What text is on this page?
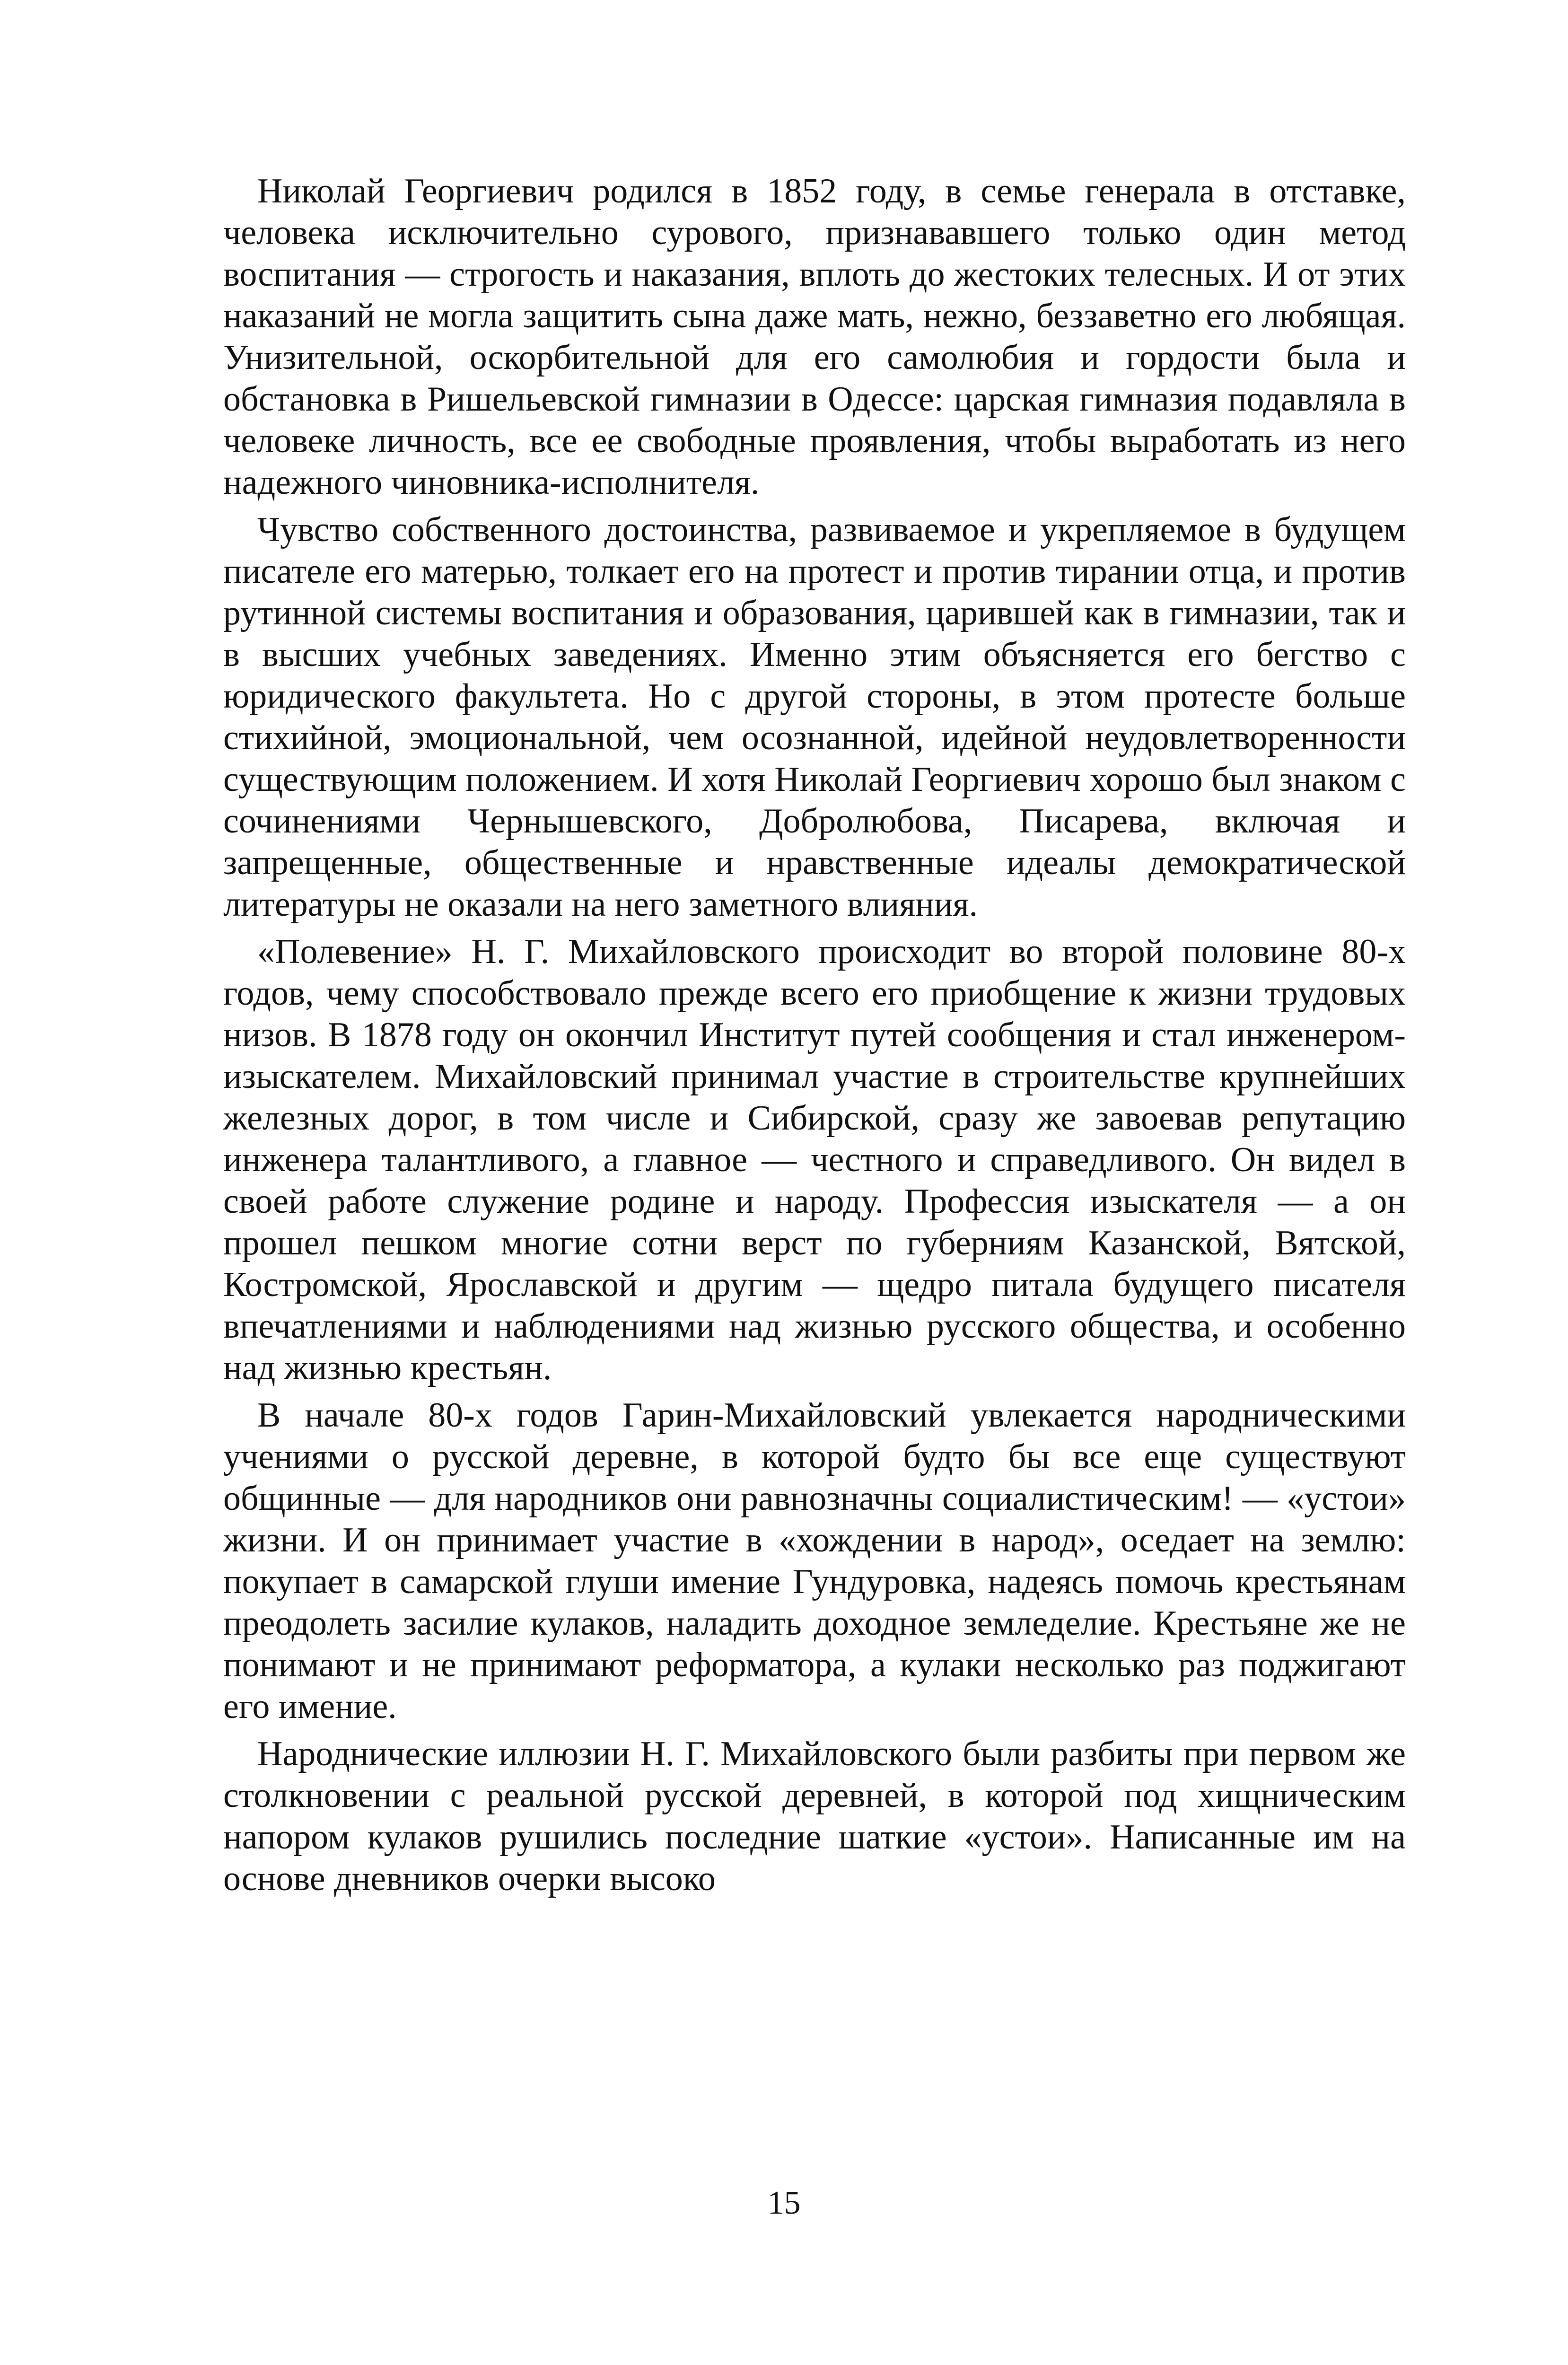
Николай Георгиевич родился в 1852 году, в семье генерала в отставке, человека исключительно сурового, признававшего только один метод воспитания — строгость и наказания, вплоть до жестоких телесных. И от этих наказаний не могла защитить сына даже мать, нежно, беззаветно его любящая. Унизительной, оскорбительной для его самолюбия и гордости была и обстановка в Ришельевской гимназии в Одессе: царская гимназия подавляла в человеке личность, все ее свободные проявления, чтобы выработать из него надежного чиновника-исполнителя.

Чувство собственного достоинства, развиваемое и укрепляемое в будущем писателе его матерью, толкает его на протест и против тирании отца, и против рутинной системы воспитания и образования, царившей как в гимназии, так и в высших учебных заведениях. Именно этим объясняется его бегство с юридического факультета. Но с другой стороны, в этом протесте больше стихийной, эмоциональной, чем осознанной, идейной неудовлетворенности существующим положением. И хотя Николай Георгиевич хорошо был знаком с сочинениями Чернышевского, Добролюбова, Писарева, включая и запрещенные, общественные и нравственные идеалы демократической литературы не оказали на него заметного влияния.

«Полевение» Н. Г. Михайловского происходит во второй половине 80-х годов, чему способствовало прежде всего его приобщение к жизни трудовых низов. В 1878 году он окончил Институт путей сообщения и стал инженером-изыскателем. Михайловский принимал участие в строительстве крупнейших железных дорог, в том числе и Сибирской, сразу же завоевав репутацию инженера талантливого, а главное — честного и справедливого. Он видел в своей работе служение родине и народу. Профессия изыскателя — а он прошел пешком многие сотни верст по губерниям Казанской, Вятской, Костромской, Ярославской и другим — щедро питала будущего писателя впечатлениями и наблюдениями над жизнью русского общества, и особенно над жизнью крестьян.

В начале 80-х годов Гарин-Михайловский увлекается народническими учениями о русской деревне, в которой будто бы все еще существуют общинные — для народников они равнозначны социалистическим! — «устои» жизни. И он принимает участие в «хождении в народ», оседает на землю: покупает в самарской глуши имение Гундуровка, надеясь помочь крестьянам преодолеть засилие кулаков, наладить доходное земледелие. Крестьяне же не понимают и не принимают реформатора, а кулаки несколько раз поджигают его имение.

Народнические иллюзии Н. Г. Михайловского были разбиты при первом же столкновении с реальной русской деревней, в которой под хищническим напором кулаков рушились последние шаткие «устои». Написанные им на основе дневников очерки высоко

15
